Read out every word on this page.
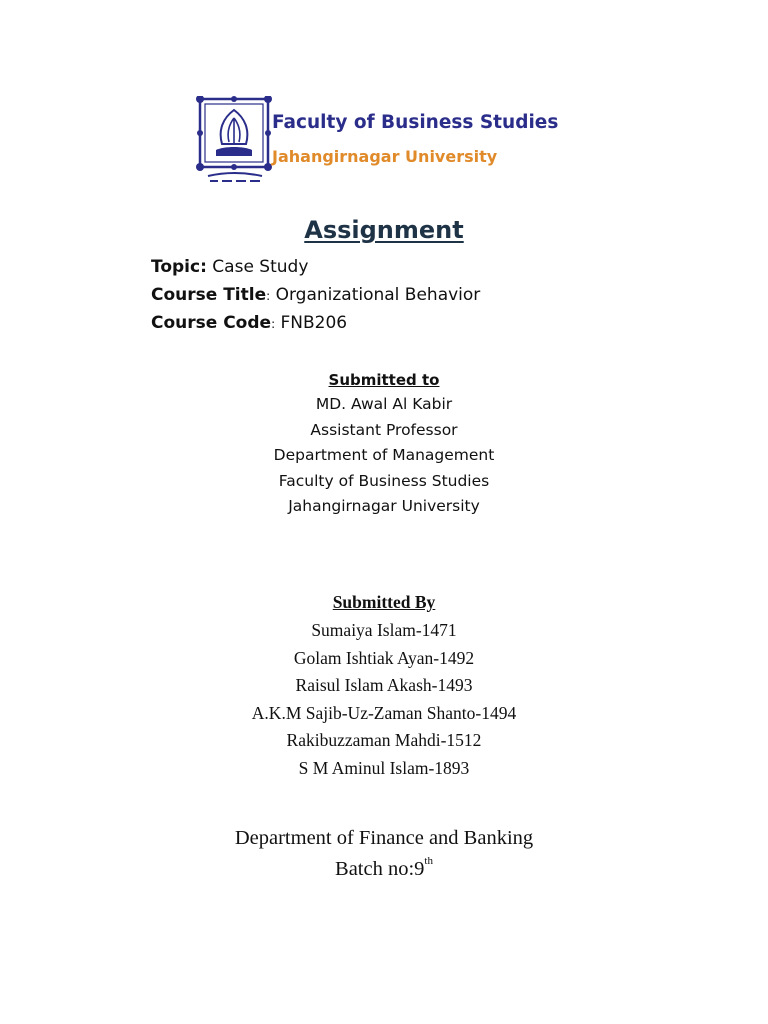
Faculty of Business Studies
Jahangirnagar University
Assignment
Topic: Case Study
Course Title: Organizational Behavior
Course Code: FNB206
Submitted to
MD. Awal Al Kabir
Assistant Professor
Department of Management
Faculty of Business Studies
Jahangirnagar University
Submitted By
Sumaiya Islam-1471
Golam Ishtiak Ayan-1492
Raisul Islam Akash-1493
A.K.M Sajib-Uz-Zaman Shanto-1494
Rakibuzzaman Mahdi-1512
S M Aminul Islam-1893
Department of Finance and Banking
Batch no:9th
